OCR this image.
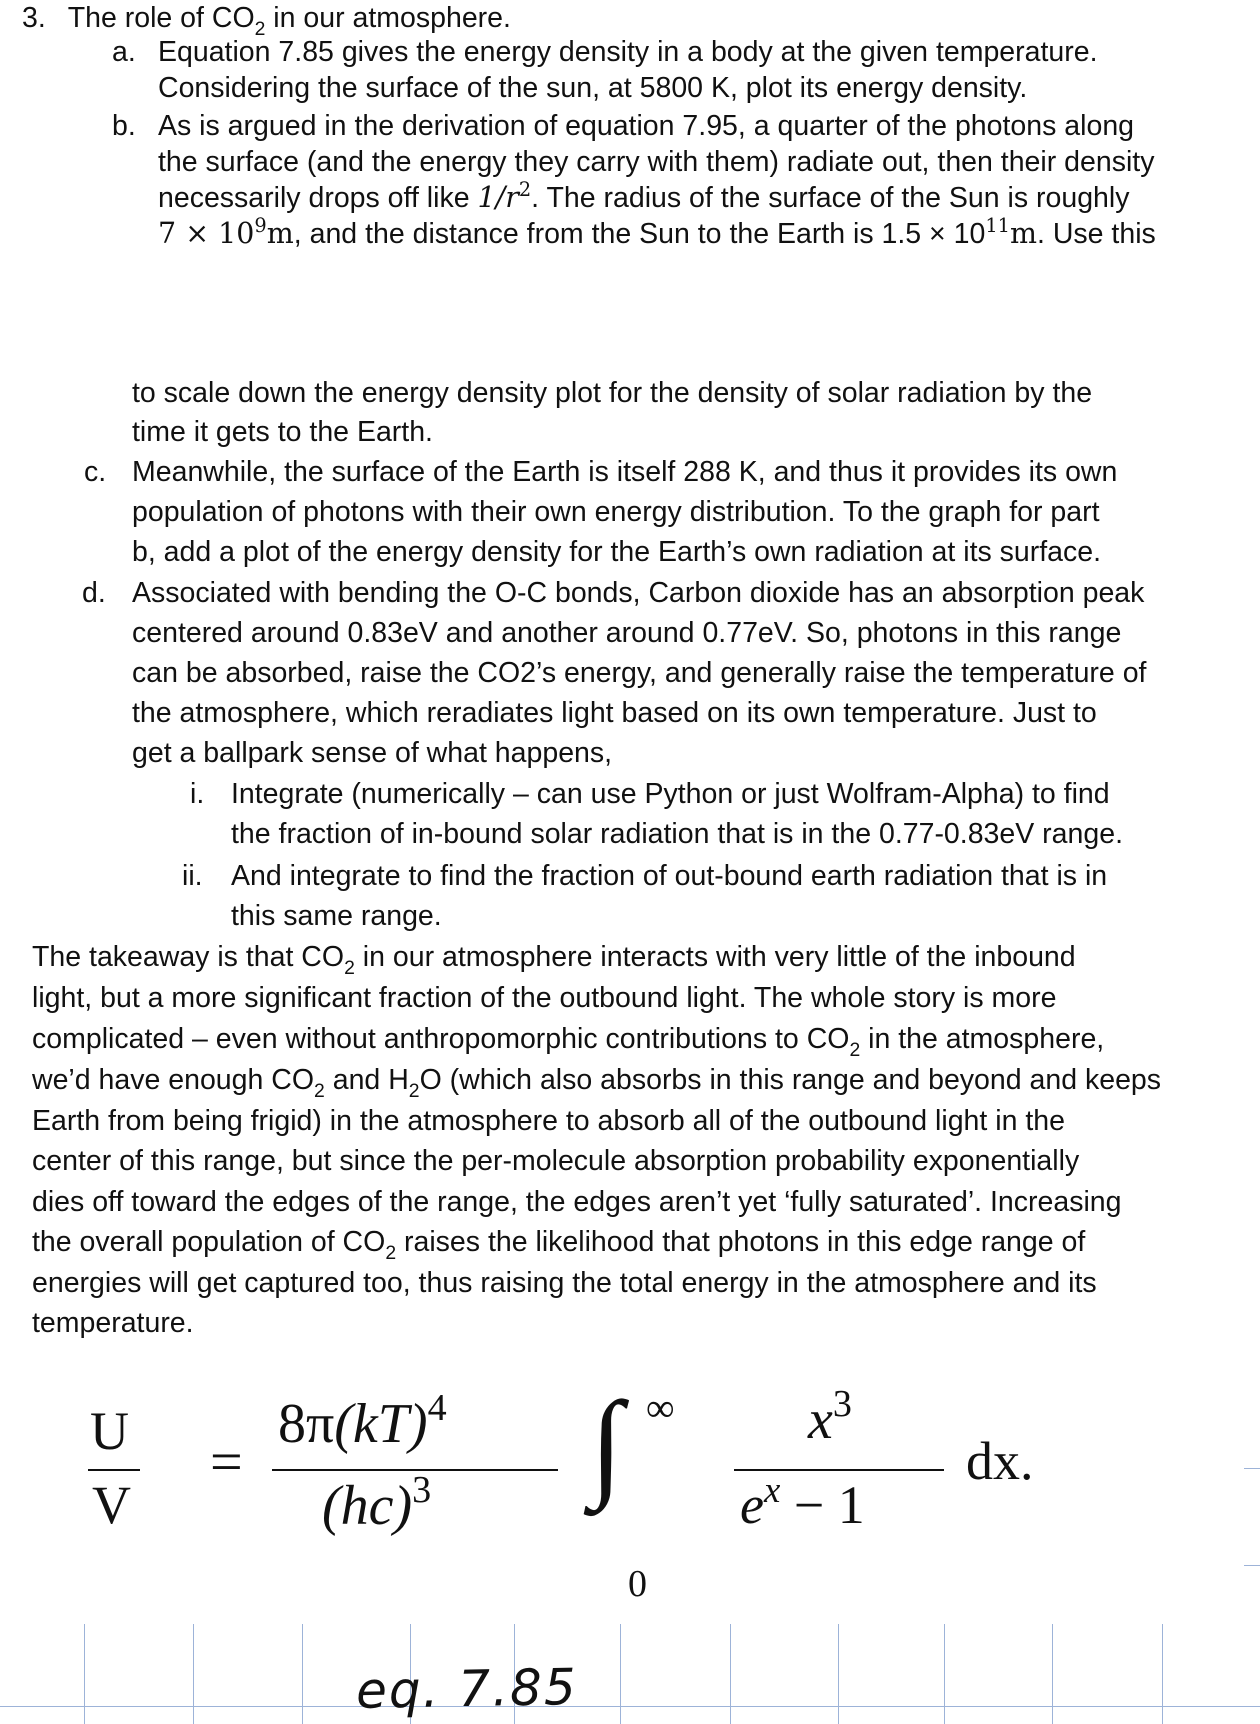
3. The role of $CO_2$ in our atmosphere.
a. Equation 7.85 gives the energy density in a body at the given temperature.
Considering the surface of the sun, at 5800 K, plot its energy density.
b. As is argued in the derivation of equation 7.95, a quarter of the photons along
the surface (and the energy they carry with them) radiate out, then their density
necessarily drops off like $1/r^2$. The radius of the surface of the Sun is roughly
$7 \times 10^9m$, and the distance from the Sun to the Earth is $1.5 \times 10^{11}m$. Use this
to scale down the energy density plot for the density of solar radiation by the
time it gets to the Earth.
c. Meanwhile, the surface of the Earth is itself 288 K, and thus it provides its own
population of photons with their own energy distribution. To the graph for part
b, add a plot of the energy density for the Earth’s own radiation at its surface.
d. Associated with bending the O-C bonds, Carbon dioxide has an absorption peak
centered around 0.83eV and another around 0.77eV. So, photons in this range
can be absorbed, raise the CO2’s energy, and generally raise the temperature of
the atmosphere, which reradiates light based on its own temperature. Just to
get a ballpark sense of what happens,
i. Integrate (numerically – can use Python or just Wolfram-Alpha) to find
the fraction of in-bound solar radiation that is in the 0.77-0.83eV range.
ii. And integrate to find the fraction of out-bound earth radiation that is in
this same range.
The takeaway is that $CO_2$ in our atmosphere interacts with very little of the inbound
light, but a more significant fraction of the outbound light. The whole story is more
complicated – even without anthropomorphic contributions to $CO_2$ in the atmosphere,
we’d have enough $CO_2$ and $H_2O$ (which also absorbs in this range and beyond and keeps
Earth from being frigid) in the atmosphere to absorb all of the outbound light in the
center of this range, but since the per-molecule absorption probability exponentially
dies off toward the edges of the range, the edges aren’t yet ‘fully saturated’. Increasing
the overall population of $CO_2$ raises the likelihood that photons in this edge range of
energies will get captured too, thus raising the total energy in the atmosphere and its
temperature.
U
V
=
8π(kT)$^4$
(hc)$^3$ ∫ ∞
0
$x^3$
$e^x - 1$
dx.
eq. 7.85
